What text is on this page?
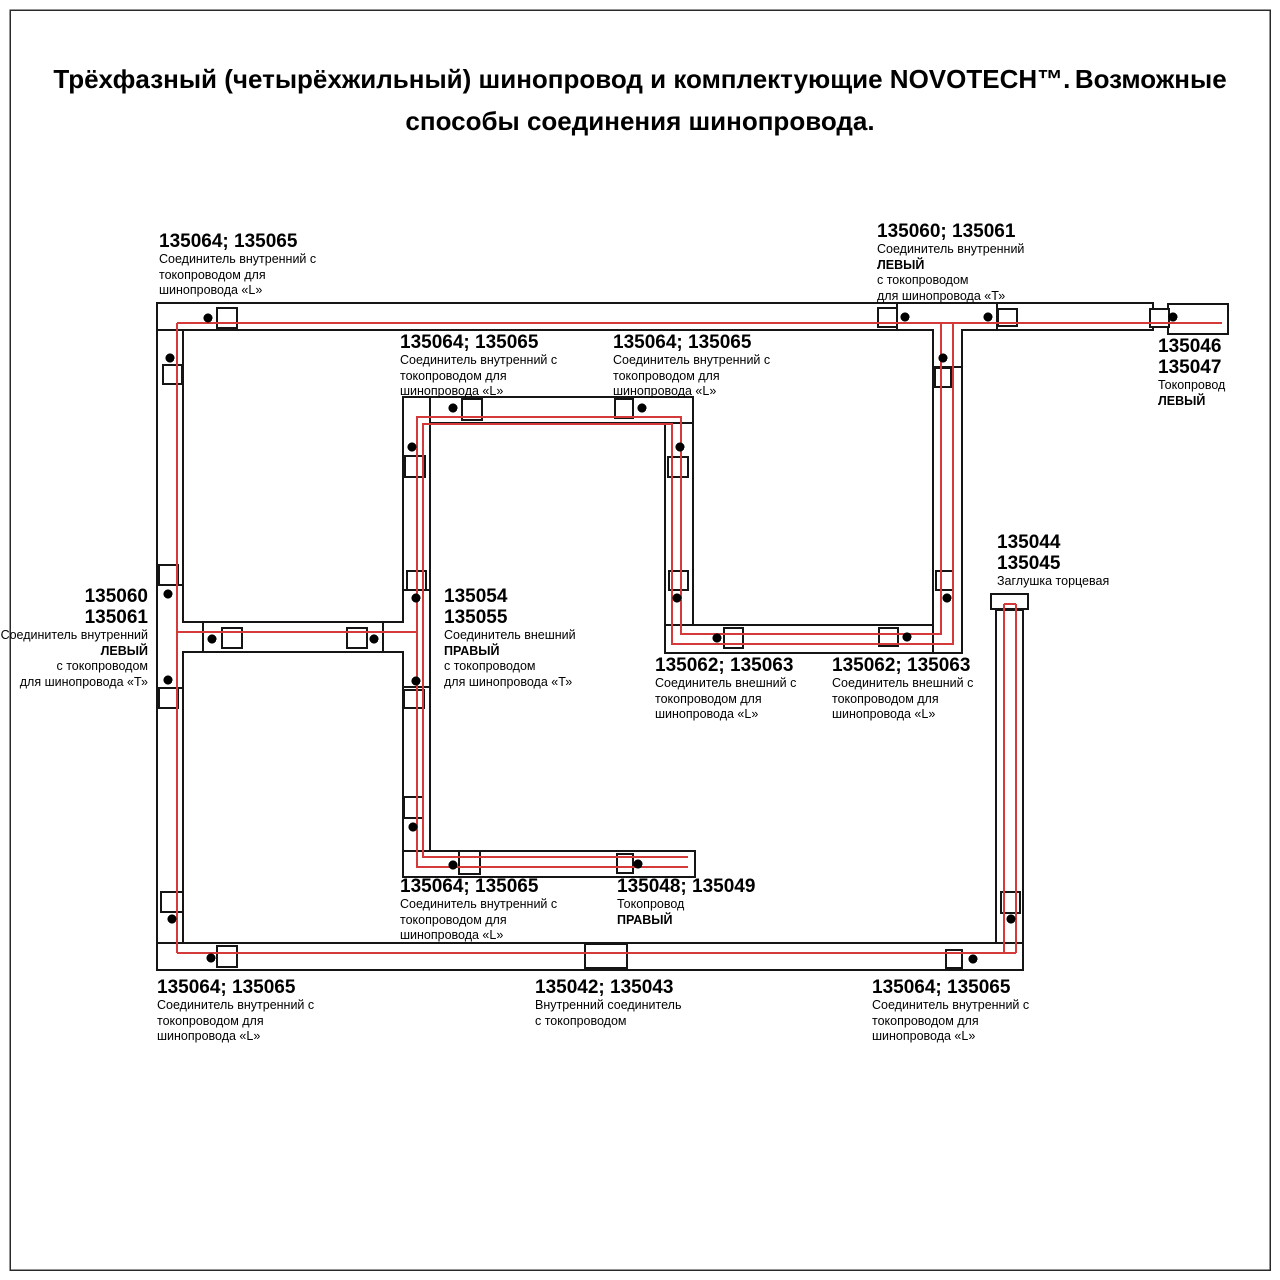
Трёхфазный (четырёхжильный) шинопровод и комплектующие NOVOTECH™. Возможные способы соединения шинопровода.
135064; 135065
Соединитель внутренний с
токопроводом для
шинопровода «L»
135060; 135061
Соединитель внутренний
ЛЕВЫЙ
с токопроводом
для шинопровода «Т»
135046
135047
Токопровод
ЛЕВЫЙ
135064; 135065
Соединитель внутренний с
токопроводом для
шинопровода «L»
135064; 135065
Соединитель внутренний с
токопроводом для
шинопровода «L»
135060
135061
Соединитель внутренний
ЛЕВЫЙ
с токопроводом
для шинопровода «Т»
135054
135055
Соединитель внешний
ПРАВЫЙ
с токопроводом
для шинопровода «Т»
135062; 135063
Соединитель внешний с
токопроводом для
шинопровода «L»
135062; 135063
Соединитель внешний с
токопроводом для
шинопровода «L»
135044
135045
Заглушка торцевая
135064; 135065
Соединитель внутренний с
токопроводом для
шинопровода «L»
135048; 135049
Токопровод
ПРАВЫЙ
135064; 135065
Соединитель внутренний с
токопроводом для
шинопровода «L»
135042; 135043
Внутренний соединитель
с токопроводом
135064; 135065
Соединитель внутренний с
токопроводом для
шинопровода «L»
